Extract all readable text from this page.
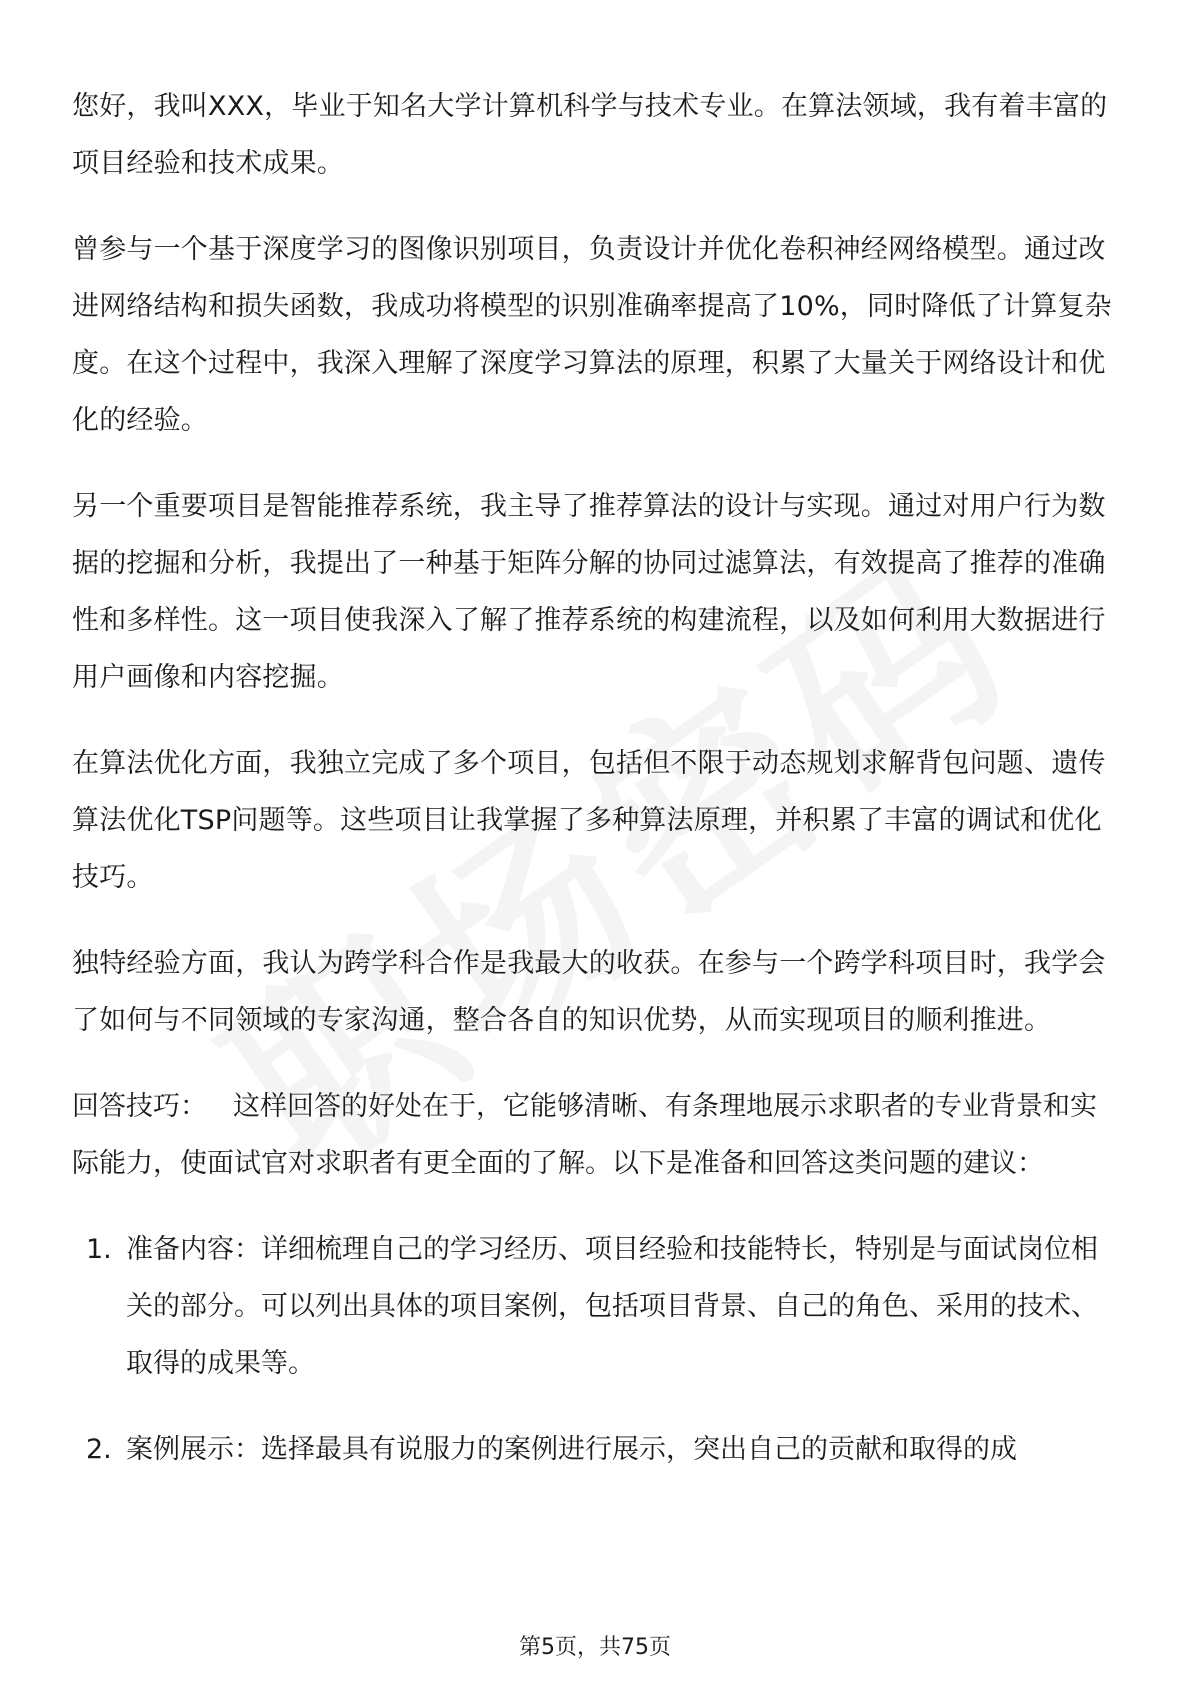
您好，我叫XXX，毕业于知名大学计算机科学与技术专业。在算法领域，我有着丰富的项目经验和技术成果。

曾参与一个基于深度学习的图像识别项目，负责设计并优化卷积神经网络模型。通过改进网络结构和损失函数，我成功将模型的识别准确率提高了10%，同时降低了计算复杂度。在这个过程中，我深入理解了深度学习算法的原理，积累了大量关于网络设计和优化的经验。

另一个重要项目是智能推荐系统，我主导了推荐算法的设计与实现。通过对用户行为数据的挖掘和分析，我提出了一种基于矩阵分解的协同过滤算法，有效提高了推荐的准确性和多样性。这一项目使我深入了解了推荐系统的构建流程，以及如何利用大数据进行用户画像和内容挖掘。

在算法优化方面，我独立完成了多个项目，包括但不限于动态规划求解背包问题、遗传算法优化TSP问题等。这些项目让我掌握了多种算法原理，并积累了丰富的调试和优化技巧。

独特经验方面，我认为跨学科合作是我最大的收获。在参与一个跨学科项目时，我学会了如何与不同领域的专家沟通，整合各自的知识优势，从而实现项目的顺利推进。

回答技巧： 这样回答的好处在于，它能够清晰、有条理地展示求职者的专业背景和实际能力，使面试官对求职者有更全面的了解。以下是准备和回答这类问题的建议：

1. 准备内容：详细梳理自己的学习经历、项目经验和技能特长，特别是与面试岗位相关的部分。可以列出具体的项目案例，包括项目背景、自己的角色、采用的技术、取得的成果等。
2. 案例展示：选择最具有说服力的案例进行展示，突出自己的贡献和取得的成
第5页，共75页
